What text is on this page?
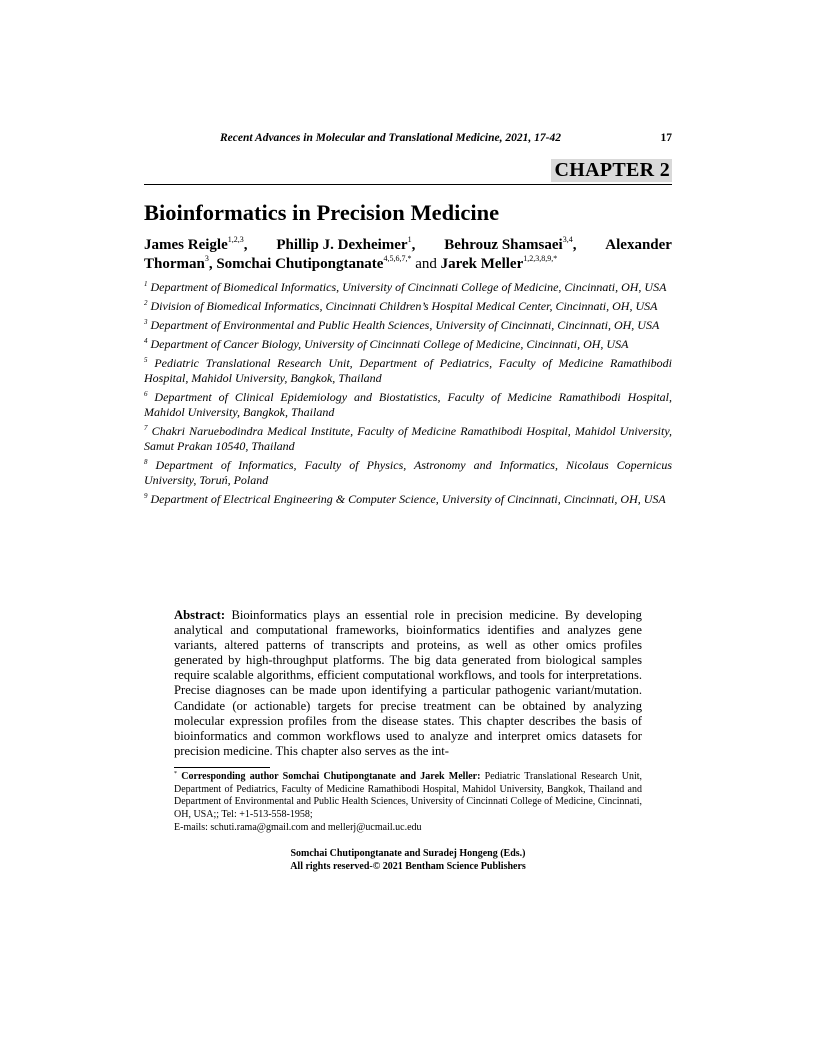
Recent Advances in Molecular and Translational Medicine, 2021, 17-42	17
CHAPTER 2
Bioinformatics in Precision Medicine
James Reigle$^{1,2,3}$, Phillip J. Dexheimer$^1$, Behrouz Shamsaei$^{3,4}$, Alexander
Thorman$^3$, Somchai Chutipongtanate$^{4,5,6,7,*}$ and Jarek Meller$^{1,2,3,8,9,*}$

$^1$ Department of Biomedical Informatics, University of Cincinnati College of Medicine, Cincinnati, OH, USA

$^2$ Division of Biomedical Informatics, Cincinnati Children’s Hospital Medical Center, Cincinnati, OH, USA

$^3$ Department of Environmental and Public Health Sciences, University of Cincinnati, Cincinnati, OH, USA

$^4$ Department of Cancer Biology, University of Cincinnati College of Medicine, Cincinnati, OH, USA

$^5$ Pediatric Translational Research Unit, Department of Pediatrics, Faculty of Medicine Ramathibodi Hospital, Mahidol University, Bangkok, Thailand

$^6$ Department of Clinical Epidemiology and Biostatistics, Faculty of Medicine Ramathibodi Hospital, Mahidol University, Bangkok, Thailand

$^7$ Chakri Naruebodindra Medical Institute, Faculty of Medicine Ramathibodi Hospital, Mahidol University, Samut Prakan 10540, Thailand

$^8$ Department of Informatics, Faculty of Physics, Astronomy and Informatics, Nicolaus Copernicus University, Toruń, Poland

$^9$ Department of Electrical Engineering & Computer Science, University of Cincinnati, Cincinnati, OH, USA

Abstract: Bioinformatics plays an essential role in precision medicine. By developing analytical and computational frameworks, bioinformatics identifies and analyzes gene variants, altered patterns of transcripts and proteins, as well as other omics profiles generated by high-throughput platforms. The big data generated from biological samples require scalable algorithms, efficient computational workflows, and tools for interpretations. Precise diagnoses can be made upon identifying a particular pathogenic variant/mutation. Candidate (or actionable) targets for precise treatment can be obtained by analyzing molecular expression profiles from the disease states. This chapter describes the basis of bioinformatics and common workflows used to analyze and interpret omics datasets for precision medicine. This chapter also serves as the int-
* Corresponding author Somchai Chutipongtanate and Jarek Meller: Pediatric Translational Research Unit, Department of Pediatrics, Faculty of Medicine Ramathibodi Hospital, Mahidol University, Bangkok, Thailand and Department of Environmental and Public Health Sciences, University of Cincinnati College of Medicine, Cincinnati, OH, USA;; Tel: +1-513-558-1958;
E-mails: schuti.rama@gmail.com and mellerj@ucmail.uc.edu
Somchai Chutipongtanate and Suradej Hongeng (Eds.)
All rights reserved-© 2021 Bentham Science Publishers
